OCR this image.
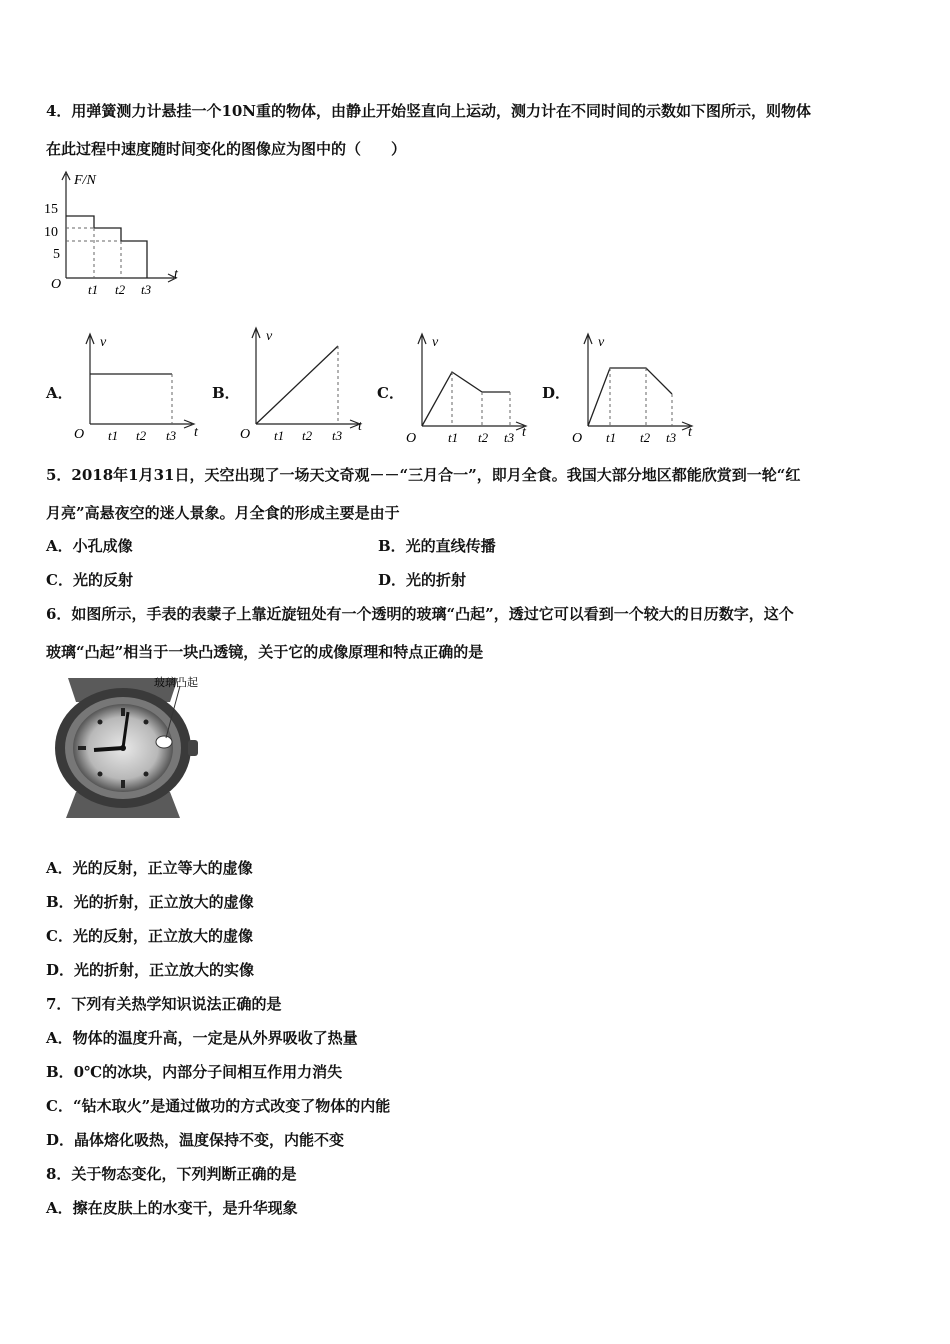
4．用弹簧测力计悬挂一个10N重的物体，由静止开始竖直向上运动，测力计在不同时间的示数如下图所示，则物体
在此过程中速度随时间变化的图像应为图中的（　　）
F/N
15
10
5
O
t
t1 t2 t3
A．	B．	C．	D．
v
O	t
t1 t2 t3
v
O
t
t1 t2 t3
v
O	t
t1 t2 t3
v
O	t
t1 t2 t3
5．2018年1月31日，天空出现了一场天文奇观－－“三月合一”，即月全食。我国大部分地区都能欣赏到一轮“红
月亮”高悬夜空的迷人景象。月全食的形成主要是由于
A．小孔成像	B．光的直线传播
C．光的反射	D．光的折射
6．如图所示，手表的表蒙子上靠近旋钮处有一个透明的玻璃“凸起”，透过它可以看到一个较大的日历数字，这个
玻璃“凸起”相当于一块凸透镜，关于它的成像原理和特点正确的是
玻璃凸起
A．光的反射，正立等大的虚像
B．光的折射，正立放大的虚像
C．光的反射，正立放大的虚像
D．光的折射，正立放大的实像
7．下列有关热学知识说法正确的是
A．物体的温度升高，一定是从外界吸收了热量
B．0℃的冰块，内部分子间相互作用力消失
C．“钻木取火”是通过做功的方式改变了物体的内能
D．晶体熔化吸热，温度保持不变，内能不变
8．关于物态变化，下列判断正确的是
A．擦在皮肤上的水变干，是升华现象
